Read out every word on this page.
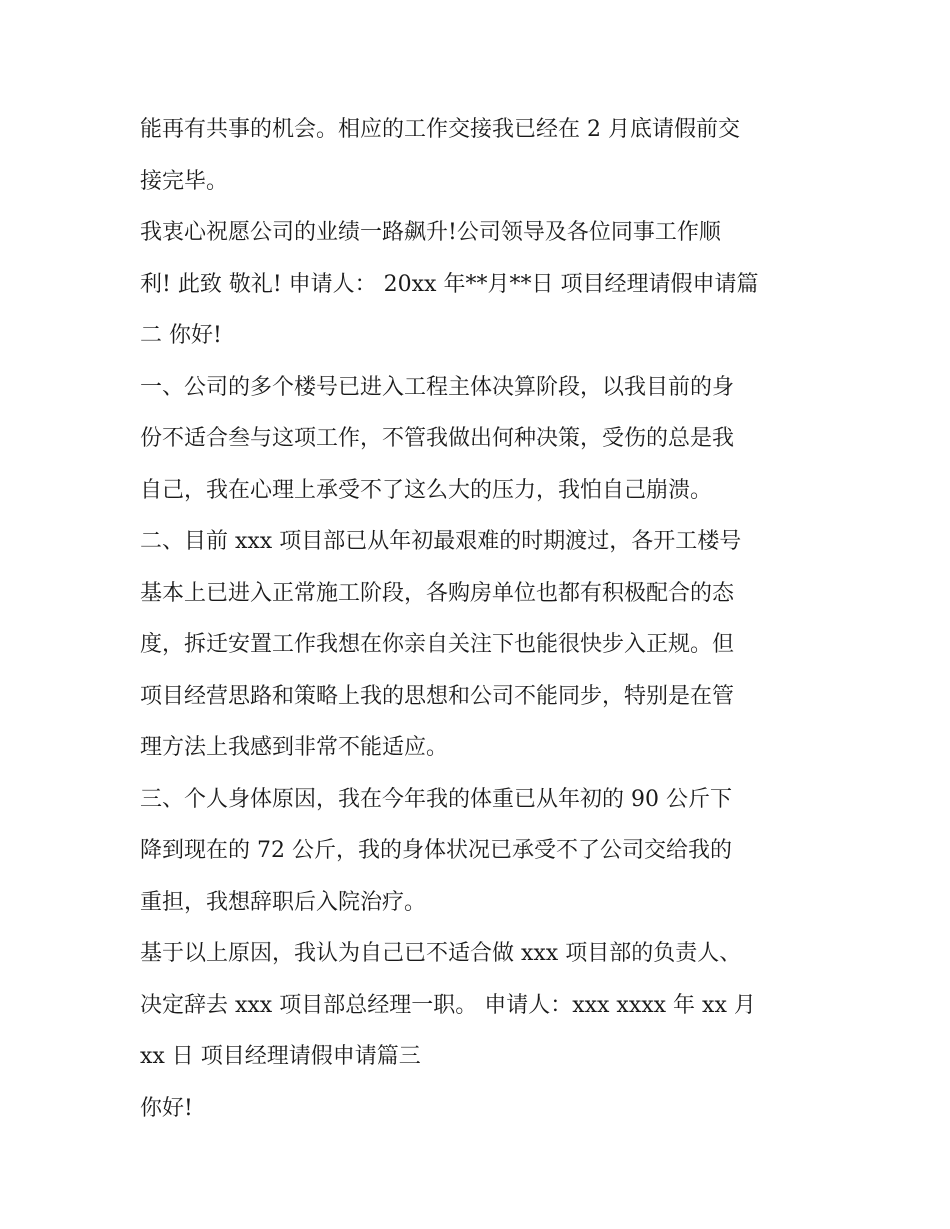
能再有共事的机会。相应的工作交接我已经在 2 月底请假前交
接完毕。
我衷心祝愿公司的业绩一路飙升!公司领导及各位同事工作顺
利! 此致 敬礼! 申请人： 20xx 年**月**日 项目经理请假申请篇
二 你好!
一、公司的多个楼号已进入工程主体决算阶段，以我目前的身
份不适合叁与这项工作，不管我做出何种决策，受伤的总是我
自己，我在心理上承受不了这么大的压力，我怕自己崩溃。
二、目前 xxx 项目部已从年初最艰难的时期渡过，各开工楼号
基本上已进入正常施工阶段，各购房单位也都有积极配合的态
度，拆迁安置工作我想在你亲自关注下也能很快步入正规。但
项目经营思路和策略上我的思想和公司不能同步，特别是在管
理方法上我感到非常不能适应。
三、个人身体原因，我在今年我的体重已从年初的 90 公斤下
降到现在的 72 公斤，我的身体状况已承受不了公司交给我的
重担，我想辞职后入院治疗。
基于以上原因，我认为自己已不适合做 xxx 项目部的负责人、
决定辞去 xxx 项目部总经理一职。 申请人：xxx xxxx 年 xx 月
xx 日 项目经理请假申请篇三
你好!
